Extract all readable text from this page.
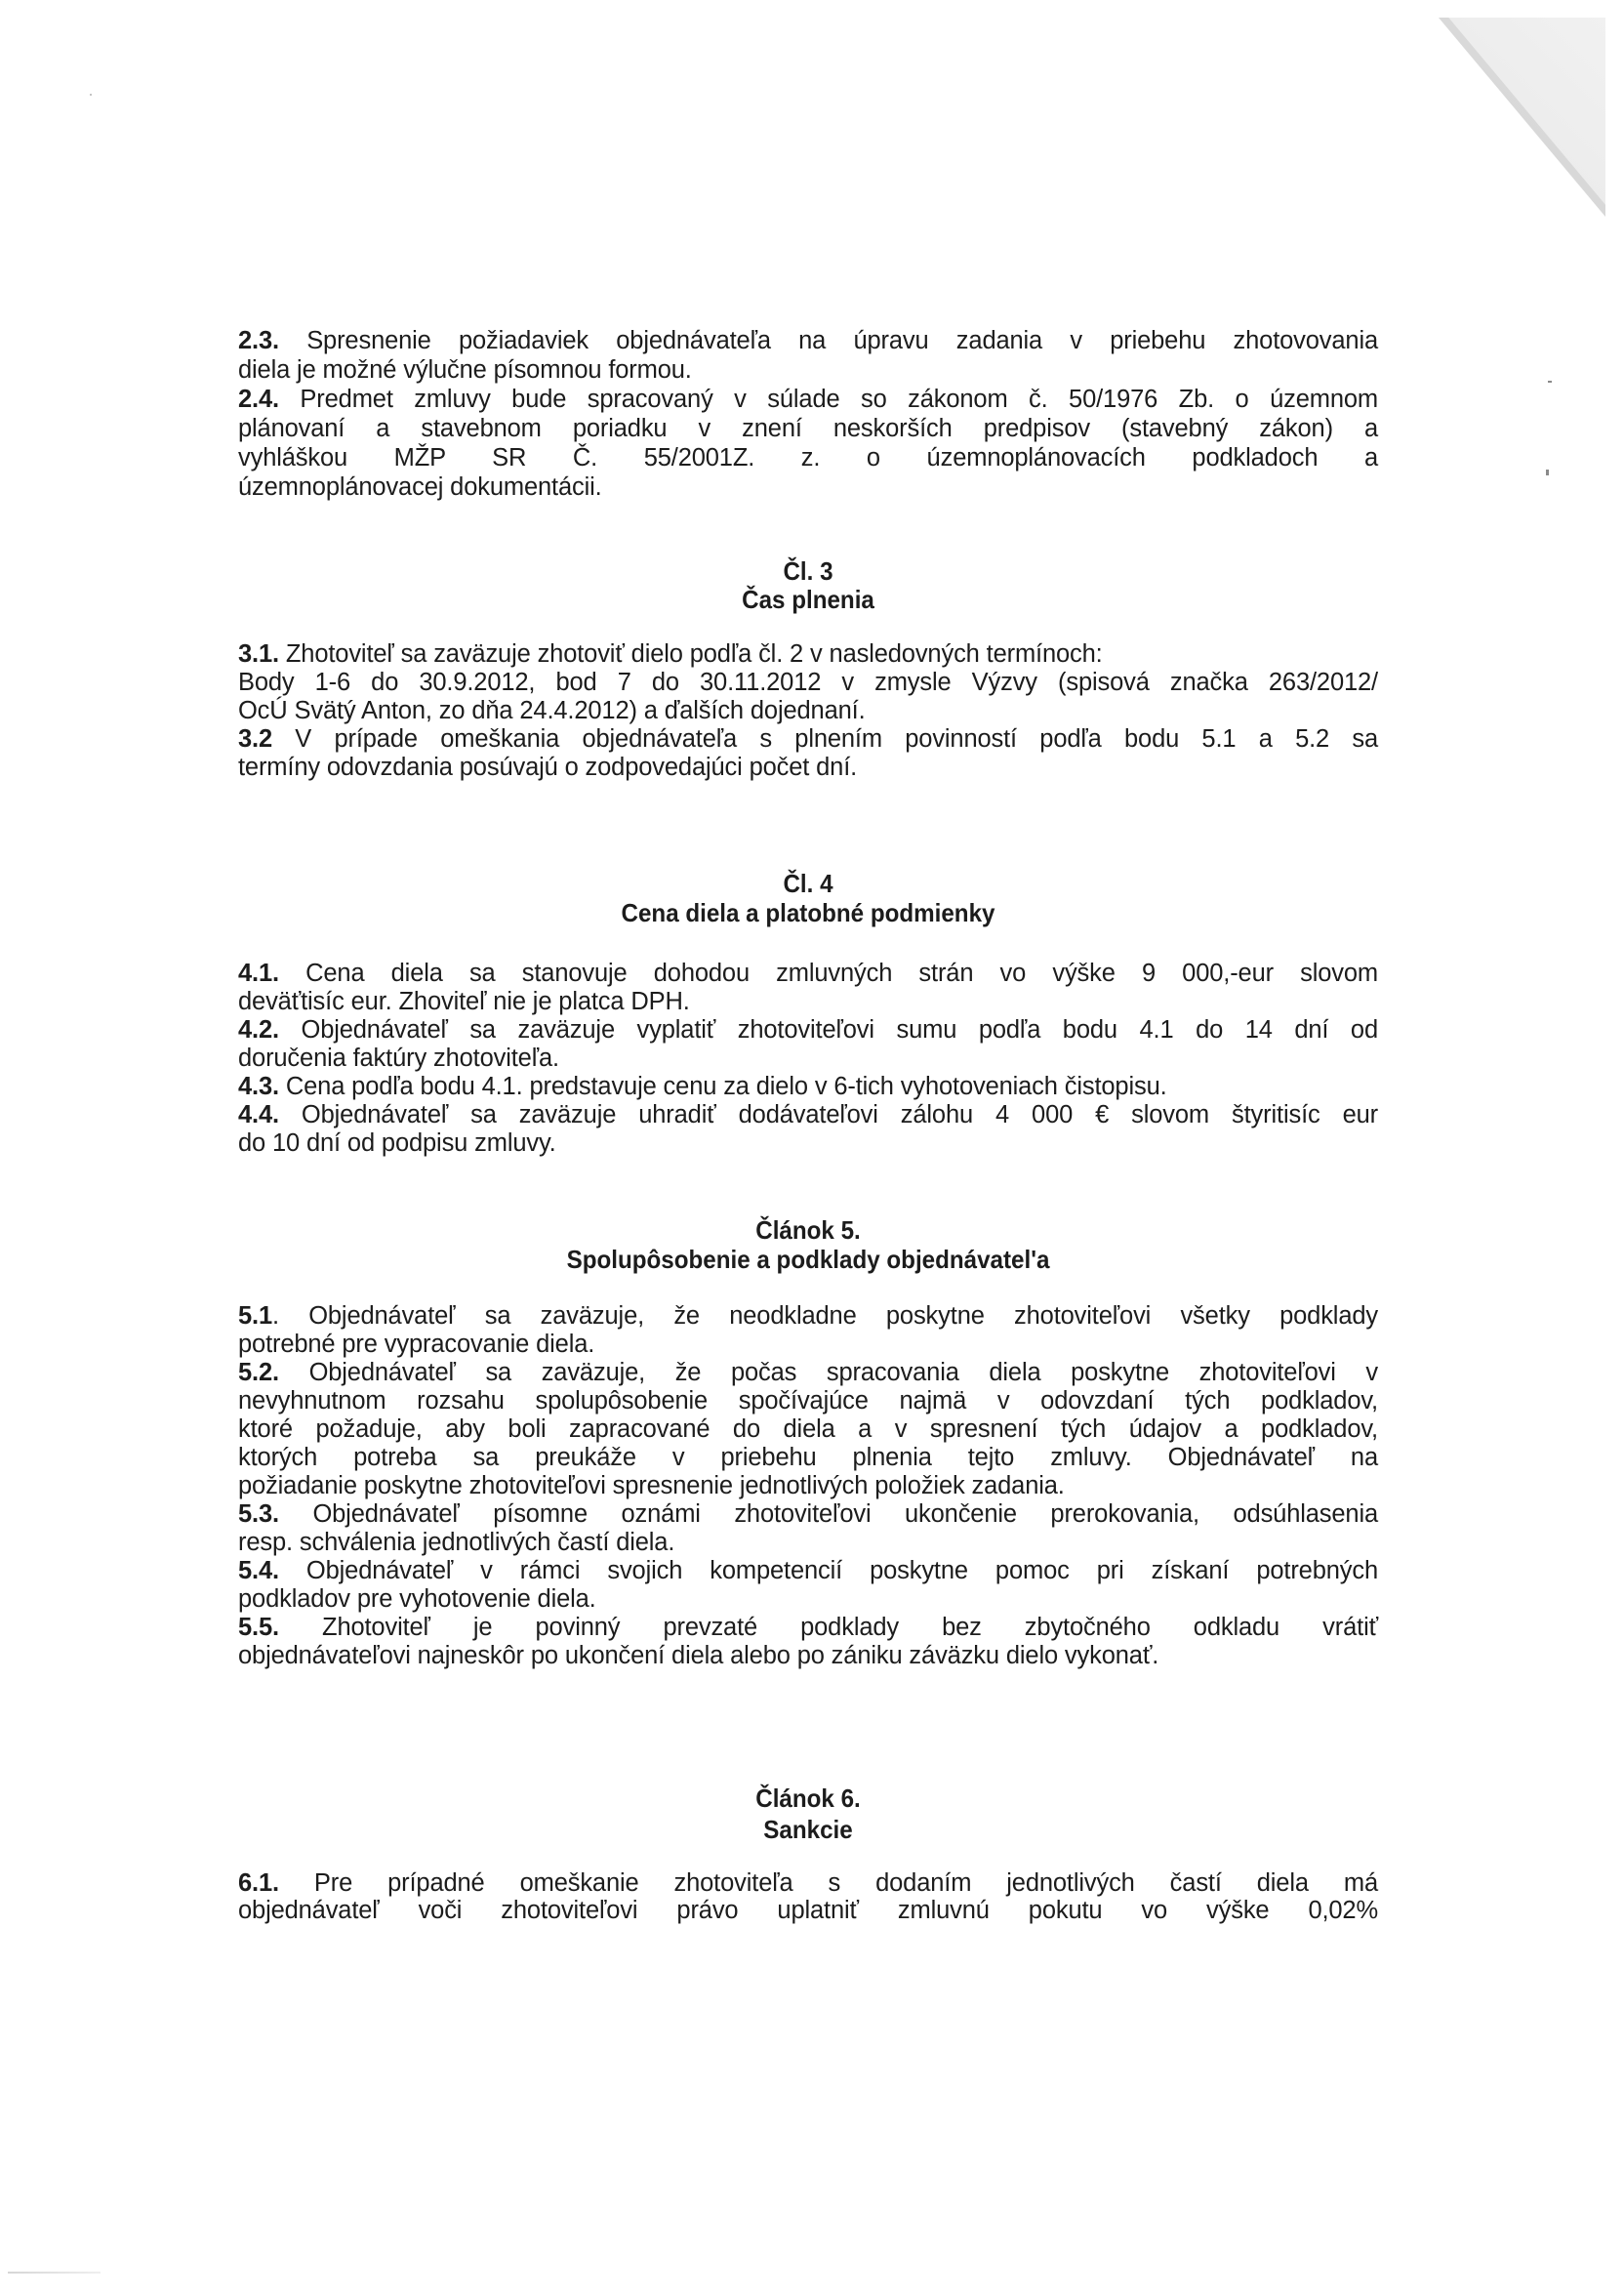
2.3. Spresnenie požiadaviek objednávateľa na úpravu zadania v priebehu zhotovovania
diela je možné výlučne písomnou formou.
2.4. Predmet zmluvy bude spracovaný v súlade so zákonom č. 50/1976 Zb. o územnom
plánovaní a stavebnom poriadku v znení neskorších predpisov (stavebný zákon) a
vyhláškou MŽP SR Č. 55/2001Z. z. o územnoplánovacích podkladoch a
územnoplánovacej dokumentácii.
Čl. 3
Čas plnenia
3.1. Zhotoviteľ sa zaväzuje zhotoviť dielo podľa čl. 2 v nasledovných termínoch:
Body 1-6 do 30.9.2012, bod 7 do 30.11.2012 v zmysle Výzvy (spisová značka 263/2012/
OcÚ Svätý Anton, zo dňa 24.4.2012) a ďalších dojednaní.
3.2 V prípade omeškania objednávateľa s plnením povinností podľa bodu 5.1 a 5.2 sa
termíny odovzdania posúvajú o zodpovedajúci počet dní.
Čl. 4
Cena diela a platobné podmienky
4.1. Cena diela sa stanovuje dohodou zmluvných strán vo výške 9 000,-eur slovom
deväťtisíc eur. Zhoviteľ nie je platca DPH.
4.2. Objednávateľ sa zaväzuje vyplatiť zhotoviteľovi sumu podľa bodu 4.1 do 14 dní od
doručenia faktúry zhotoviteľa.
4.3. Cena podľa bodu 4.1. predstavuje cenu za dielo v 6-tich vyhotoveniach čistopisu.
4.4. Objednávateľ sa zaväzuje uhradiť dodávateľovi zálohu 4 000 € slovom štyritisíc eur
do 10 dní od podpisu zmluvy.
Článok 5.
Spolupôsobenie a podklady objednávatel'a
5.1. Objednávateľ sa zaväzuje, že neodkladne poskytne zhotoviteľovi všetky podklady
potrebné pre vypracovanie diela.
5.2. Objednávateľ sa zaväzuje, že počas spracovania diela poskytne zhotoviteľovi v
nevyhnutnom rozsahu spolupôsobenie spočívajúce najmä v odovzdaní tých podkladov,
ktoré požaduje, aby boli zapracované do diela a v spresnení tých údajov a podkladov,
ktorých potreba sa preukáže v priebehu plnenia tejto zmluvy. Objednávateľ na
požiadanie poskytne zhotoviteľovi spresnenie jednotlivých položiek zadania.
5.3. Objednávateľ písomne oznámi zhotoviteľovi ukončenie prerokovania, odsúhlasenia
resp. schválenia jednotlivých častí diela.
5.4. Objednávateľ v rámci svojich kompetencií poskytne pomoc pri získaní potrebných
podkladov pre vyhotovenie diela.
5.5. Zhotoviteľ je povinný prevzaté podklady bez zbytočného odkladu vrátiť
objednávateľovi najneskôr po ukončení diela alebo po zániku záväzku dielo vykonať.
Článok 6.
Sankcie
6.1. Pre prípadné omeškanie zhotoviteľa s dodaním jednotlivých častí diela má
objednávateľ voči zhotoviteľovi právo uplatniť zmluvnú pokutu vo výške 0,02%
